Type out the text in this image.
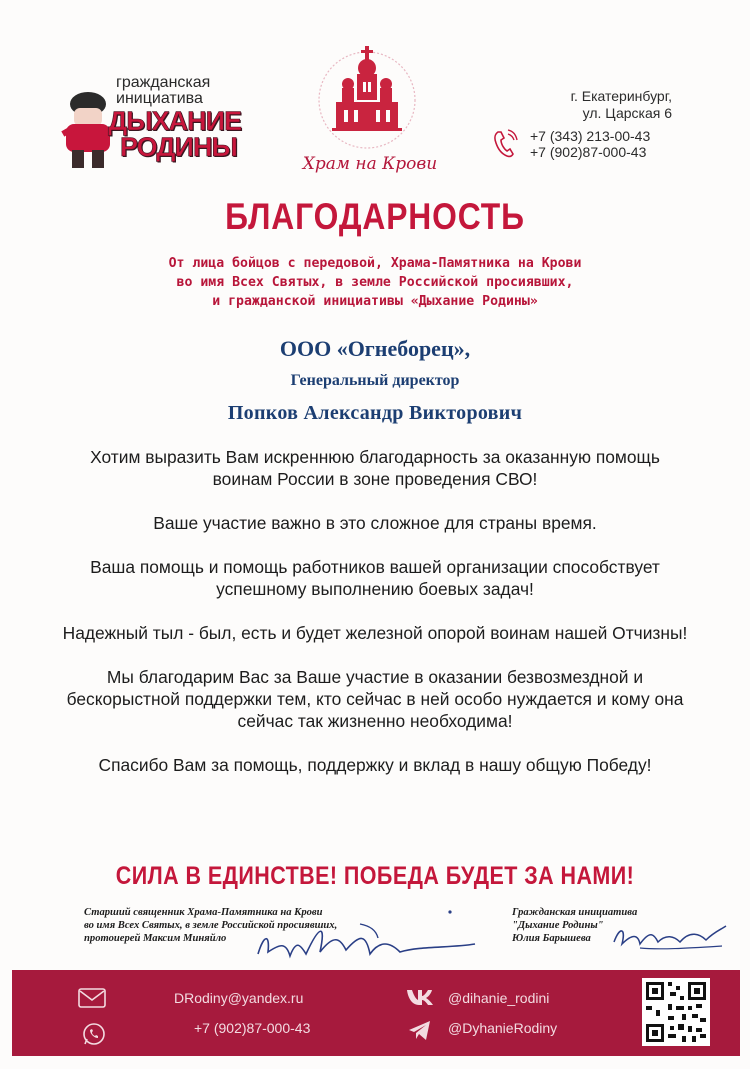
гражданская
инициатива
ДЫХАНИЕ
РОДИНЫ
Храм на Крови
г. Екатеринбург,
ул. Царская 6
+7 (343) 213-00-43
+7 (902)87-000-43
БЛАГОДАРНОСТЬ
От лица бойцов с передовой, Храма-Памятника на Крови
во имя Всех Святых, в земле Российской просиявших,
и гражданской инициативы «Дыхание Родины»
ООО «Огнеборец»,
Генеральный директор
Попков Александр Викторович

Хотим выразить Вам искреннюю благодарность за оказанную помощь воинам России в зоне проведения СВО!

Ваше участие важно в это сложное для страны время.

Ваша помощь и помощь работников вашей организации способствует успешному выполнению боевых задач!

Надежный тыл - был, есть и будет железной опорой воинам нашей Отчизны!

Мы благодарим Вас за Ваше участие в оказании безвозмездной и бескорыстной поддержки тем, кто сейчас в ней особо нуждается и кому она сейчас так жизненно необходима!

Спасибо Вам за помощь, поддержку и вклад в нашу общую Победу!

СИЛА В ЕДИНСТВЕ! ПОБЕДА БУДЕТ ЗА НАМИ!
Старший священник Храма-Памятника на Крови
во имя Всех Святых, в земле Российской просиявших,
протоиерей Максим Миняйло
Гражданская инициатива
"Дыхание Родины"
Юлия Барышева
DRodiny@yandex.ru
+7 (902)87-000-43
@dihanie_rodini
@DyhanieRodiny
